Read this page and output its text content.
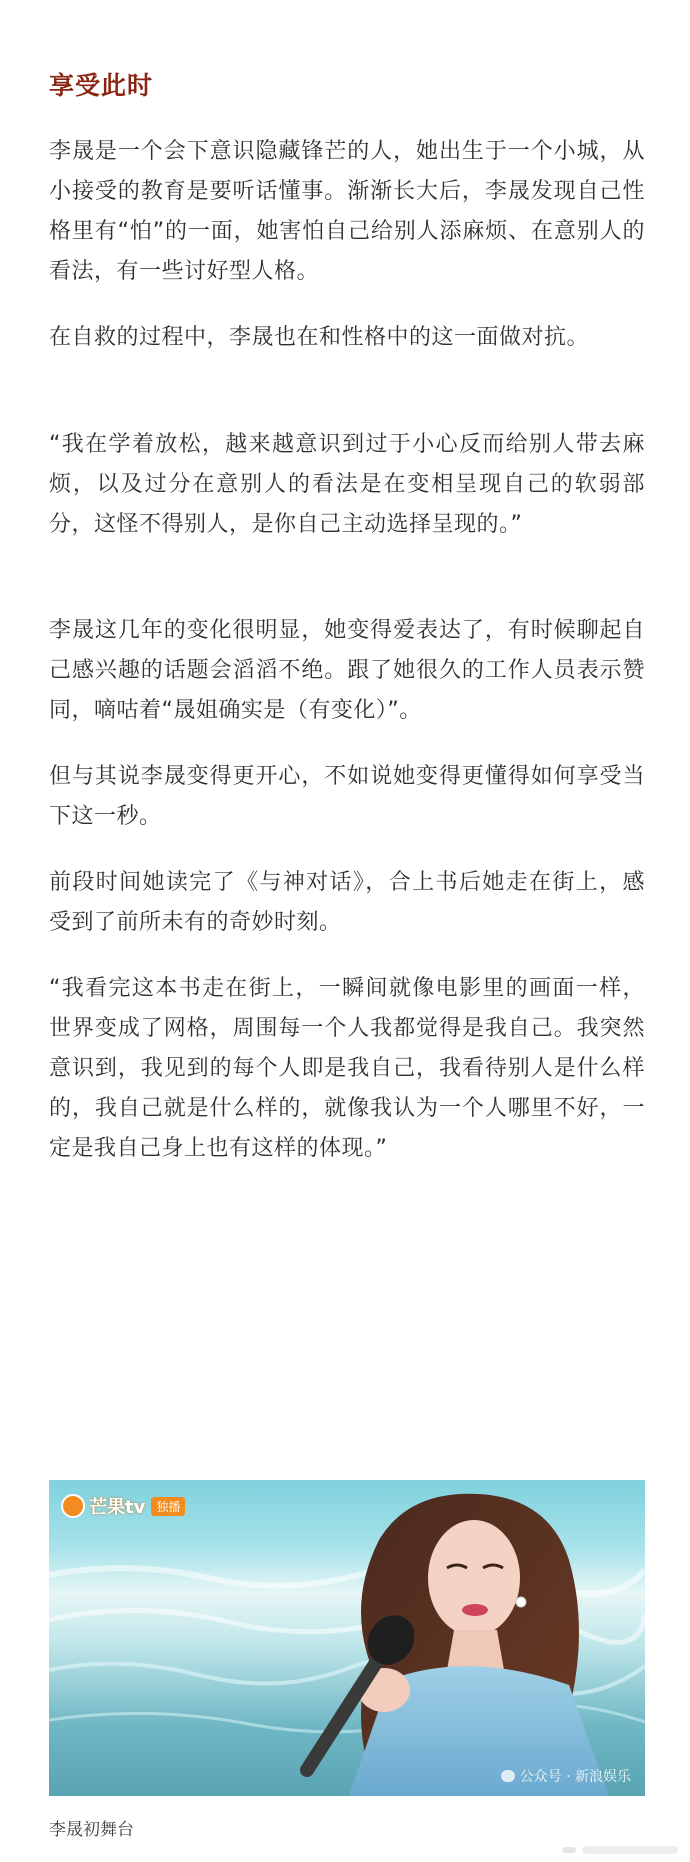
享受此时

李晟是一个会下意识隐藏锋芒的人，她出生于一个小城，从小接受的教育是要听话懂事。渐渐长大后，李晟发现自己性格里有“怕”的一面，她害怕自己给别人添麻烦、在意别人的看法，有一些讨好型人格。

在自救的过程中，李晟也在和性格中的这一面做对抗。

“我在学着放松，越来越意识到过于小心反而给别人带去麻烦，以及过分在意别人的看法是在变相呈现自己的软弱部分，这怪不得别人，是你自己主动选择呈现的。”

李晟这几年的变化很明显，她变得爱表达了，有时候聊起自己感兴趣的话题会滔滔不绝。跟了她很久的工作人员表示赞同，嘀咕着“晟姐确实是（有变化）”。

但与其说李晟变得更开心，不如说她变得更懂得如何享受当下这一秒。

前段时间她读完了《与神对话》，合上书后她走在街上，感受到了前所未有的奇妙时刻。

“我看完这本书走在街上，一瞬间就像电影里的画面一样，世界变成了网格，周围每一个人我都觉得是我自己。我突然意识到，我见到的每个人即是我自己，我看待别人是什么样的，我自己就是什么样的，就像我认为一个人哪里不好，一定是我自己身上也有这样的体现。”

芒果tv 独播
公众号 · 新浪娱乐

李晟初舞台
